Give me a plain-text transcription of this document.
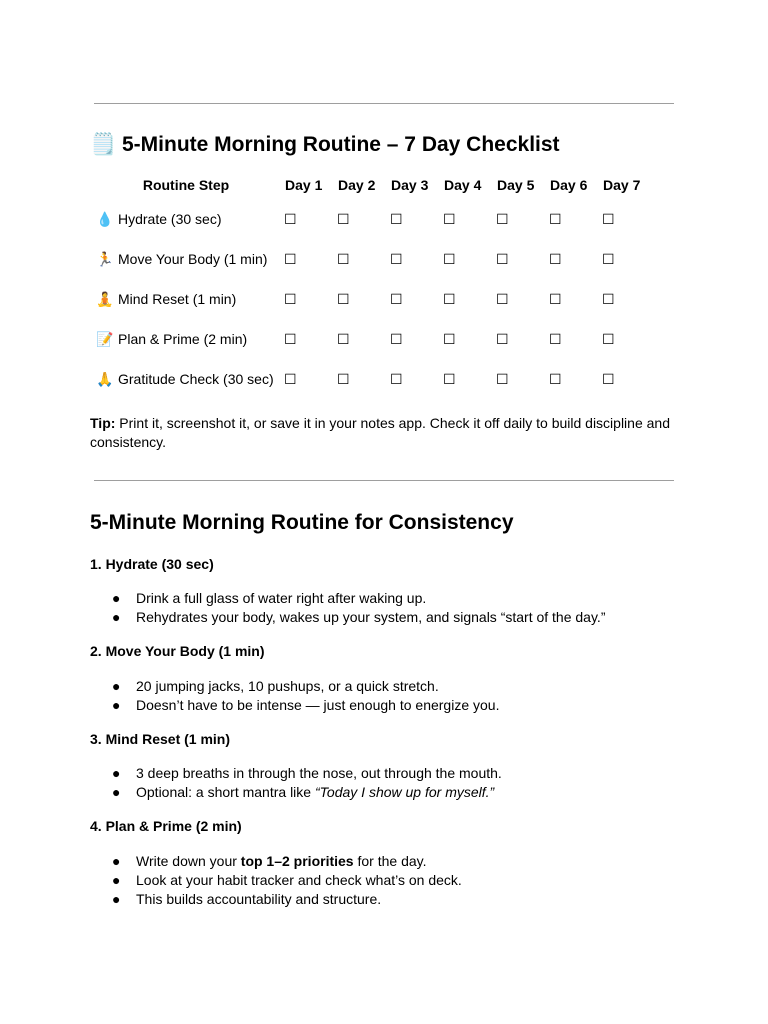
🗒️ 5-Minute Morning Routine – 7 Day Checklist
Routine Step	Day 1	Day 2	Day 3	Day 4	Day 5	Day 6	Day 7
💧 Hydrate (30 sec)	☐	☐	☐	☐	☐	☐	☐
🏃 Move Your Body (1 min)	☐	☐	☐	☐	☐	☐	☐
🧘 Mind Reset (1 min)	☐	☐	☐	☐	☐	☐	☐
📝 Plan & Prime (2 min)	☐	☐	☐	☐	☐	☐	☐
🙏 Gratitude Check (30 sec)	☐	☐	☐	☐	☐	☐	☐

Tip: Print it, screenshot it, or save it in your notes app. Check it off daily to build discipline and consistency.

5-Minute Morning Routine for Consistency

1. Hydrate (30 sec)

● Drink a full glass of water right after waking up.
● Rehydrates your body, wakes up your system, and signals “start of the day.”

2. Move Your Body (1 min)

● 20 jumping jacks, 10 pushups, or a quick stretch.
● Doesn’t have to be intense — just enough to energize you.

3. Mind Reset (1 min)

● 3 deep breaths in through the nose, out through the mouth.
● Optional: a short mantra like “Today I show up for myself.”

4. Plan & Prime (2 min)

● Write down your top 1–2 priorities for the day.
● Look at your habit tracker and check what’s on deck.
● This builds accountability and structure.
